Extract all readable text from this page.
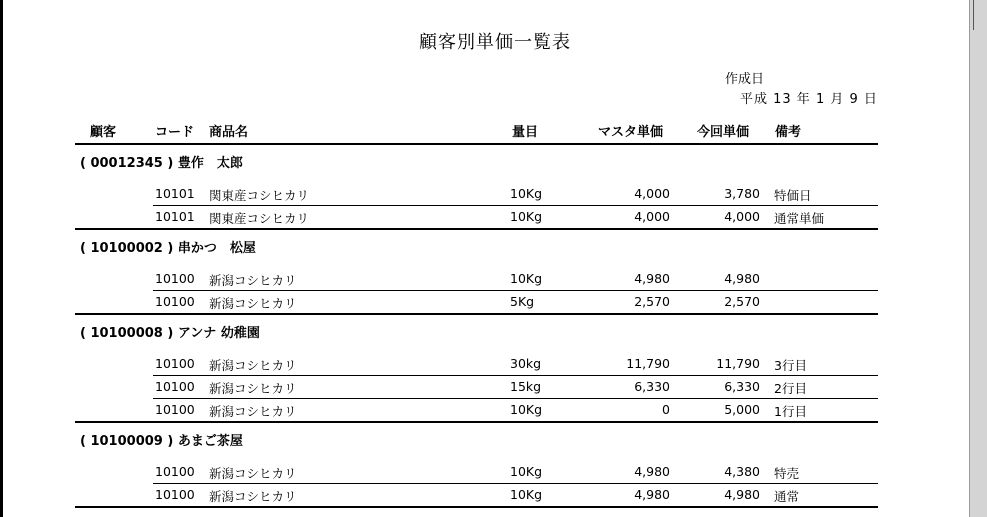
顧客別単価一覧表
作成日
平成 13 年 1 月 9 日
顧客	コード 商品名	量目	マスタ単価	今回単価 備考
( 00012345 ) 豊作　太郎
10101 関東産コシヒカリ	10Kg	4,000	3,780 特価日
10101 関東産コシヒカリ	10Kg	4,000	4,000 通常単価
( 10100002 ) 串かつ　松屋
10100 新潟コシヒカリ	10Kg	4,980	4,980
10100 新潟コシヒカリ	5Kg	2,570	2,570
( 10100008 ) アンナ 幼稚園
10100 新潟コシヒカリ	30kg	11,790	11,790 3行目
10100 新潟コシヒカリ	15kg	6,330	6,330 2行目
10100 新潟コシヒカリ	10Kg	0	5,000 1行目
( 10100009 ) あまご茶屋
10100 新潟コシヒカリ	10Kg	4,980	4,380 特売
10100 新潟コシヒカリ	10Kg	4,980	4,980 通常
